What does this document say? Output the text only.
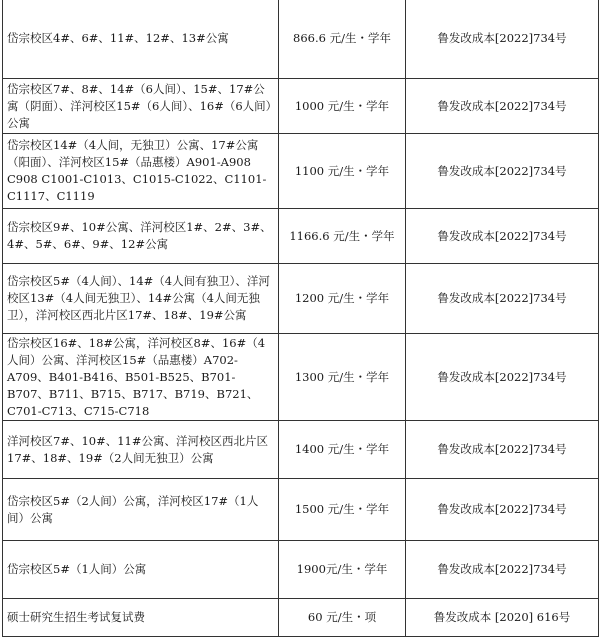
岱宗校区4#、6#、11#、12#、13#公寓	866.6 元/生・学年	鲁发改成本[2022]734号
岱宗校区7#、8#、14#（6人间）、15#、17#公寓（阴面）、洋河校区15#（6人间）、16#（6人间）公寓	1000 元/生・学年	鲁发改成本[2022]734号
岱宗校区14#（4人间，无独卫）公寓、17#公寓（阳面）、洋河校区15#（品惠楼）A901-A908 C908 C1001-C1013、C1015-C1022、C1101-C1117、C1119	1100 元/生・学年	鲁发改成本[2022]734号
岱宗校区9#、10#公寓、洋河校区1#、2#、3#、4#、5#、6#、9#、12#公寓	1166.6 元/生・学年	鲁发改成本[2022]734号
岱宗校区5#（4人间）、14#（4人间有独卫）、洋河校区13#（4人间无独卫）、14#公寓（4人间无独卫），洋河校区西北片区17#、18#、19#公寓	1200 元/生・学年	鲁发改成本[2022]734号
岱宗校区16#、18#公寓，洋河校区8#、16#（4人间）公寓、洋河校区15#（品惠楼）A702-A709、B401-B416、B501-B525、B701-B707、B711、B715、B717、B719、B721、C701-C713、C715-C718	1300 元/生・学年	鲁发改成本[2022]734号
洋河校区7#、10#、11#公寓、洋河校区西北片区17#、18#、19#（2人间无独卫）公寓	1400 元/生・学年	鲁发改成本[2022]734号
岱宗校区5#（2人间）公寓，洋河校区17#（1人间）公寓	1500 元/生・学年	鲁发改成本[2022]734号
岱宗校区5#（1人间）公寓	1900元/生・学年	鲁发改成本[2022]734号
硕士研究生招生考试复试费	60 元/生・项	鲁发改成本 [2020] 616号
